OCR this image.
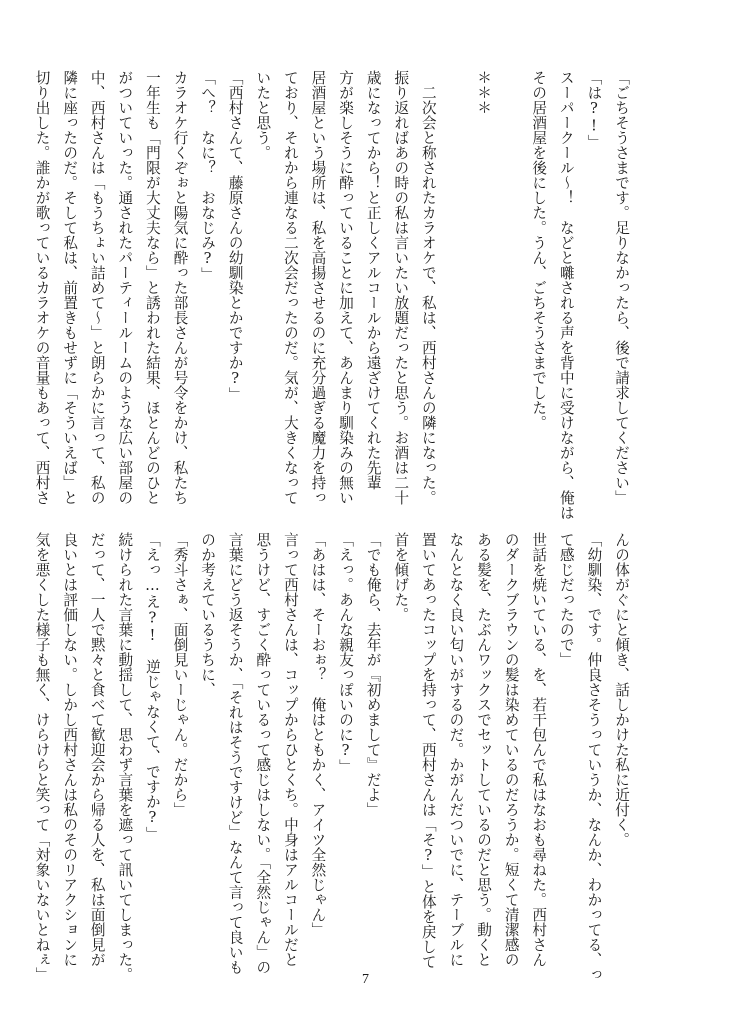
「ごちそうさまです。足りなかったら、後で請求してください」
「は?!」
スーパークール〜！　などと囃される声を背中に受けながら、俺は
その居酒屋を後にした。うん、ごちそうさまでした。

＊＊＊

二次会と称されたカラオケで、私は、西村さんの隣になった。
振り返ればあの時の私は言いたい放題だったと思う。お酒は二十
歳になってから！と正しくアルコールから遠ざけてくれた先輩
方が楽しそうに酔っていることに加えて、あんまり馴染みの無い
居酒屋という場所は、私を高揚させるのに充分過ぎる魔力を持っ
ており、それから連なる二次会だったのだ。気が、大きくなって
いたと思う。
「西村さんて、藤原さんの幼馴染とかですか?」
「へ？　なに？　おなじみ?」
カラオケ行くぞぉと陽気に酔った部長さんが号令をかけ、私たち
一年生も「門限が大丈夫なら」と誘われた結果、ほとんどのひと
がついていった。通されたパーティールームのような広い部屋の
中、西村さんは「もうちょい詰めて〜」と朗らかに言って、私の
隣に座ったのだ。そして私は、前置きもせずに「そういえば」と
切り出した。誰かが歌っているカラオケの音量もあって、西村さ
んの体がぐにと傾き、話しかけた私に近付く。
「幼馴染、です。仲良さそうっていうか、なんか、わかってる、っ
て感じだったので」
世話を焼いている、を、若干包んで私はなおも尋ねた。西村さん
のダークブラウンの髪は染めているのだろうか。短くて清潔感の
ある髪を、たぶんワックスでセットしているのだと思う。動くと
なんとなく良い匂いがするのだ。かがんだついでに、テーブルに
置いてあったコップを持って、西村さんは「そ?」と体を戻して
首を傾げた。
「でも俺ら、去年が『初めまして』だよ」
「えっ。あんな親友っぽいのに?」
「あはは、そーおぉ？　俺はともかく、アイツ全然じゃん」
言って西村さんは、コップからひとくち。中身はアルコールだと
思うけど、すごく酔っているって感じはしない。「全然じゃん」の
言葉にどう返そうか、「それはそうですけど」なんて言って良いも
のか考えているうちに、
「秀斗さぁ、面倒見いーじゃん。だから」
「えっ…え?!　逆じゃなくて、ですか?」
続けられた言葉に動揺して、思わず言葉を遮って訊いてしまった。
だって、一人で黙々と食べて歓迎会から帰る人を、私は面倒見が
良いとは評価しない。しかし西村さんは私のそのリアクションに
気を悪くした様子も無く、けらけらと笑って「対象いないとねぇ」	7
